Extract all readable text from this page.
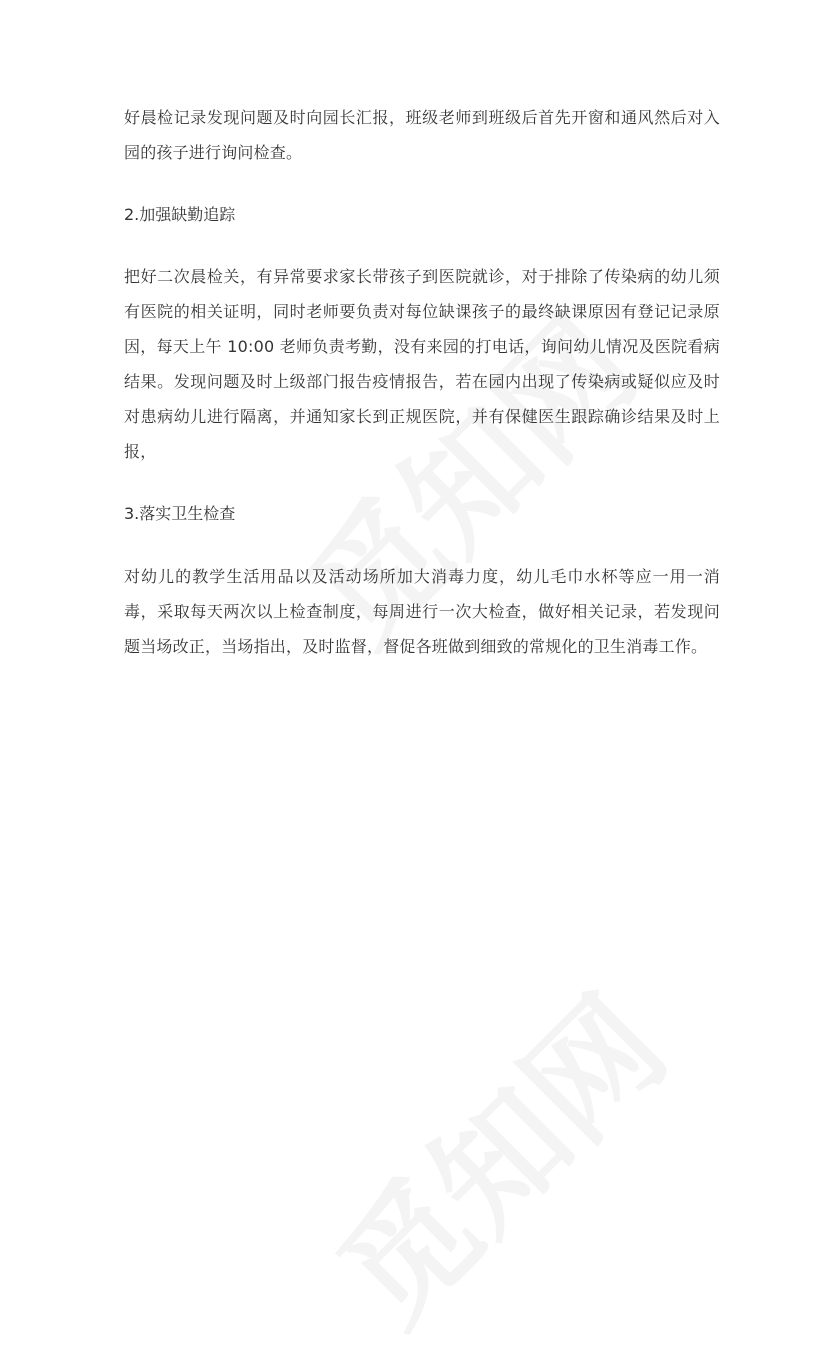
好晨检记录发现问题及时向园长汇报，班级老师到班级后首先开窗和通风然后对入园的孩子进行询问检查。

2.加强缺勤追踪

把好二次晨检关，有异常要求家长带孩子到医院就诊，对于排除了传染病的幼儿须有医院的相关证明，同时老师要负责对每位缺课孩子的最终缺课原因有登记记录原因，每天上午 10:00 老师负责考勤，没有来园的打电话，询问幼儿情况及医院看病结果。发现问题及时上级部门报告疫情报告，若在园内出现了传染病或疑似应及时对患病幼儿进行隔离，并通知家长到正规医院，并有保健医生跟踪确诊结果及时上报，

3.落实卫生检查

对幼儿的教学生活用品以及活动场所加大消毒力度，幼儿毛巾水杯等应一用一消毒，采取每天两次以上检查制度，每周进行一次大检查，做好相关记录，若发现问题当场改正，当场指出，及时监督，督促各班做到细致的常规化的卫生消毒工作。
